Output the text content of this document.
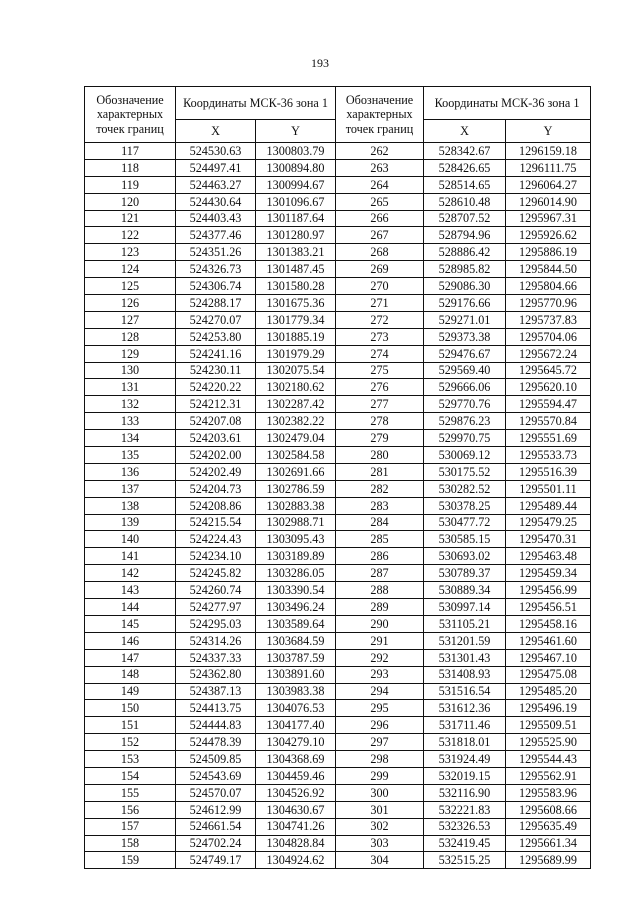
193
Обозначение характерных точек границ	Координаты МСК-36 зона 1		Обозначение характерных точек границ	Координаты МСК-36 зона 1	
	X	Y		X	Y
117	524530.63	1300803.79	262	528342.67	1296159.18
118	524497.41	1300894.80	263	528426.65	1296111.75
119	524463.27	1300994.67	264	528514.65	1296064.27
120	524430.64	1301096.67	265	528610.48	1296014.90
121	524403.43	1301187.64	266	528707.52	1295967.31
122	524377.46	1301280.97	267	528794.96	1295926.62
123	524351.26	1301383.21	268	528886.42	1295886.19
124	524326.73	1301487.45	269	528985.82	1295844.50
125	524306.74	1301580.28	270	529086.30	1295804.66
126	524288.17	1301675.36	271	529176.66	1295770.96
127	524270.07	1301779.34	272	529271.01	1295737.83
128	524253.80	1301885.19	273	529373.38	1295704.06
129	524241.16	1301979.29	274	529476.67	1295672.24
130	524230.11	1302075.54	275	529569.40	1295645.72
131	524220.22	1302180.62	276	529666.06	1295620.10
132	524212.31	1302287.42	277	529770.76	1295594.47
133	524207.08	1302382.22	278	529876.23	1295570.84
134	524203.61	1302479.04	279	529970.75	1295551.69
135	524202.00	1302584.58	280	530069.12	1295533.73
136	524202.49	1302691.66	281	530175.52	1295516.39
137	524204.73	1302786.59	282	530282.52	1295501.11
138	524208.86	1302883.38	283	530378.25	1295489.44
139	524215.54	1302988.71	284	530477.72	1295479.25
140	524224.43	1303095.43	285	530585.15	1295470.31
141	524234.10	1303189.89	286	530693.02	1295463.48
142	524245.82	1303286.05	287	530789.37	1295459.34
143	524260.74	1303390.54	288	530889.34	1295456.99
144	524277.97	1303496.24	289	530997.14	1295456.51
145	524295.03	1303589.64	290	531105.21	1295458.16
146	524314.26	1303684.59	291	531201.59	1295461.60
147	524337.33	1303787.59	292	531301.43	1295467.10
148	524362.80	1303891.60	293	531408.93	1295475.08
149	524387.13	1303983.38	294	531516.54	1295485.20
150	524413.75	1304076.53	295	531612.36	1295496.19
151	524444.83	1304177.40	296	531711.46	1295509.51
152	524478.39	1304279.10	297	531818.01	1295525.90
153	524509.85	1304368.69	298	531924.49	1295544.43
154	524543.69	1304459.46	299	532019.15	1295562.91
155	524570.07	1304526.92	300	532116.90	1295583.96
156	524612.99	1304630.67	301	532221.83	1295608.66
157	524661.54	1304741.26	302	532326.53	1295635.49
158	524702.24	1304828.84	303	532419.45	1295661.34
159	524749.17	1304924.62	304	532515.25	1295689.99
